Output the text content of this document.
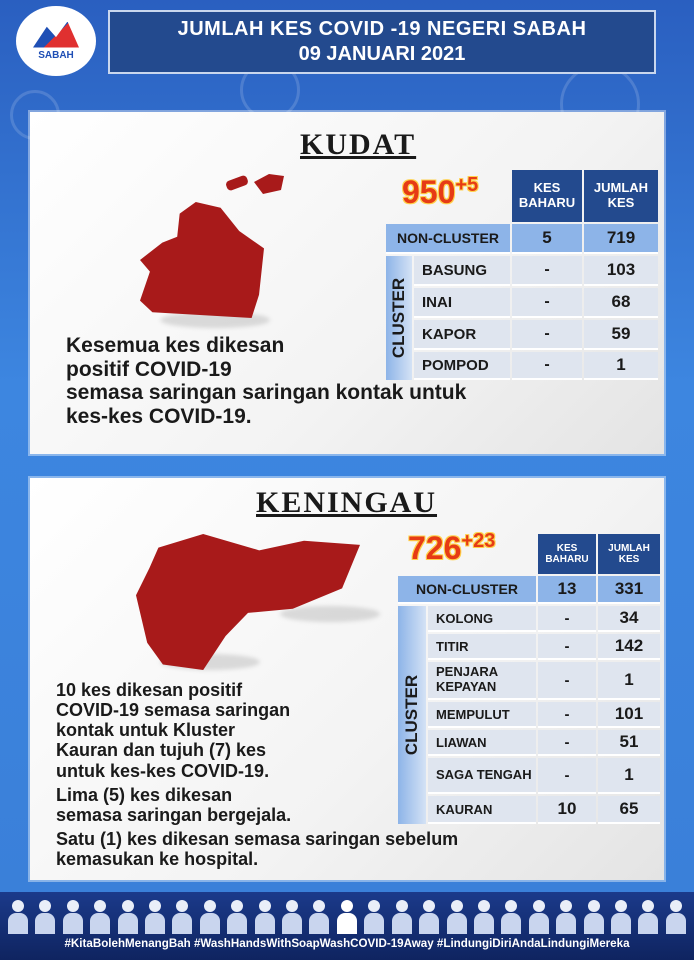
SABAH
JUMLAH KES COVID -19 NEGERI SABAH
09 JANUARI 2021
KUDAT
$950^{+5}$	KES BAHARU
JUMLAH KES
NON-CLUSTER	5	719
CLUSTER
BASUNG	-	103
INAI	-	68
KAPOR	-	59
POMPOD	-	1
Kesemua kes dikesan
positif COVID-19
semasa saringan saringan kontak untuk
kes-kes COVID-19.
KENINGAU
$726^{+23}$	KES BAHARU
JUMLAH KES
NON-CLUSTER	13	331
CLUSTER
KOLONG	-	34
TITIR	-	142
PENJARA KEPAYAN	-	1
MEMPULUT	-	101
LIAWAN	-	51
SAGA TENGAH	-	1
KAURAN	10	65
10 kes dikesan positif
COVID-19 semasa saringan
kontak untuk Kluster
Kauran dan tujuh (7) kes
untuk kes-kes COVID-19.
Lima (5) kes dikesan
semasa saringan bergejala.
Satu (1) kes dikesan semasa saringan sebelum
kemasukan ke hospital.
#KitaBolehMenangBah #WashHandsWithSoapWashCOVID-19Away #LindungiDiriAndaLindungiMereka
